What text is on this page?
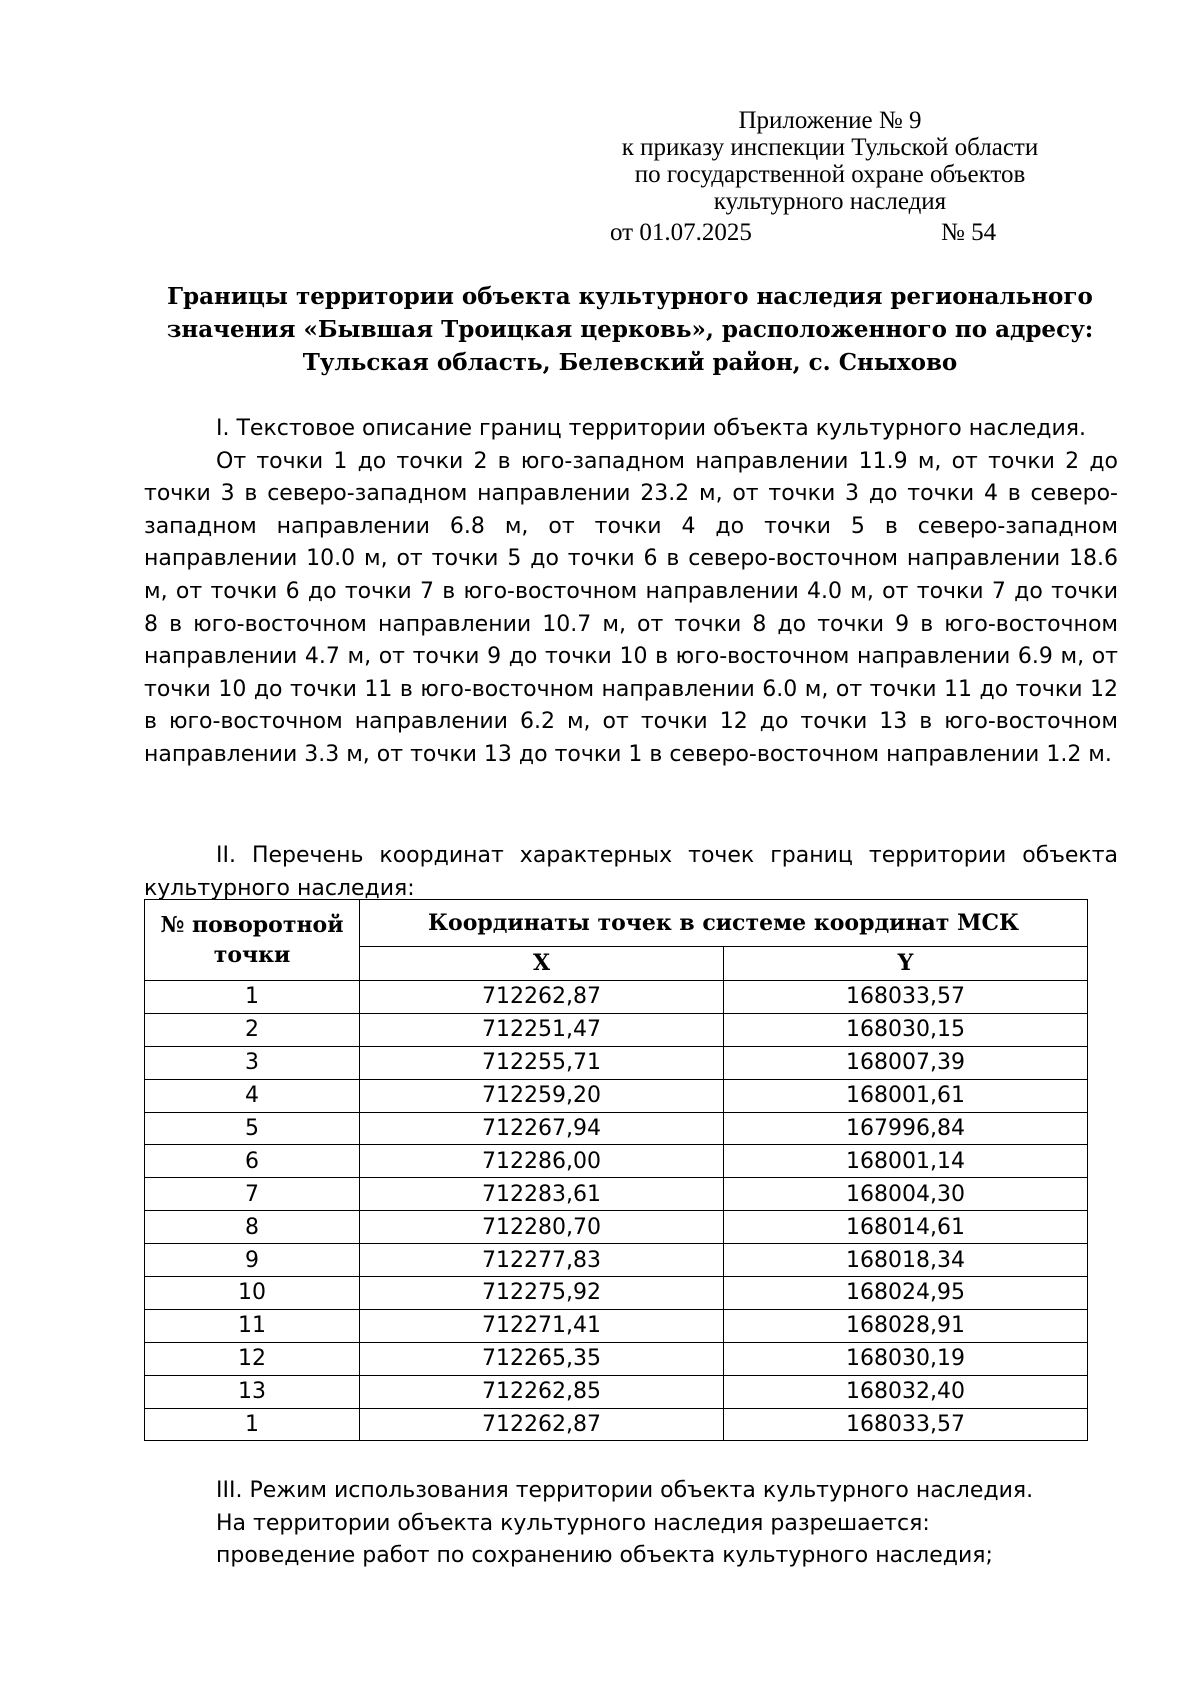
Приложение № 9
к приказу инспекции Тульской области
по государственной охране объектов
культурного наследия
от 01.07.2025	№ 54
Границы территории объекта культурного наследия регионального
значения «Бывшая Троицкая церковь», расположенного по адресу:
Тульская область, Белевский район, с. Сныхово

I. Текстовое описание границ территории объекта культурного наследия.

От точки 1 до точки 2 в юго-западном направлении 11.9 м, от точки 2 до точки 3 в северо-западном направлении 23.2 м, от точки 3 до точки 4 в северо-западном направлении 6.8 м, от точки 4 до точки 5 в северо-западном направлении 10.0 м, от точки 5 до точки 6 в северо-восточном направлении 18.6 м, от точки 6 до точки 7 в юго-восточном направлении 4.0 м, от точки 7 до точки 8 в юго-восточном направлении 10.7 м, от точки 8 до точки 9 в юго-восточном направлении 4.7 м, от точки 9 до точки 10 в юго-восточном направлении 6.9 м, от точки 10 до точки 11 в юго-восточном направлении 6.0 м, от точки 11 до точки 12 в юго-восточном направлении 6.2 м, от точки 12 до точки 13 в юго-восточном направлении 3.3 м, от точки 13 до точки 1 в северо-восточном направлении 1.2 м.

II. Перечень координат характерных точек границ территории объекта культурного наследия:

№ поворотной точки	Координаты точек в системе координат МСК	
	X	Y
1	712262,87	168033,57
2	712251,47	168030,15
3	712255,71	168007,39
4	712259,20	168001,61
5	712267,94	167996,84
6	712286,00	168001,14
7	712283,61	168004,30
8	712280,70	168014,61
9	712277,83	168018,34
10	712275,92	168024,95
11	712271,41	168028,91
12	712265,35	168030,19
13	712262,85	168032,40
1	712262,87	168033,57

III. Режим использования территории объекта культурного наследия.

На территории объекта культурного наследия разрешается:

проведение работ по сохранению объекта культурного наследия;
